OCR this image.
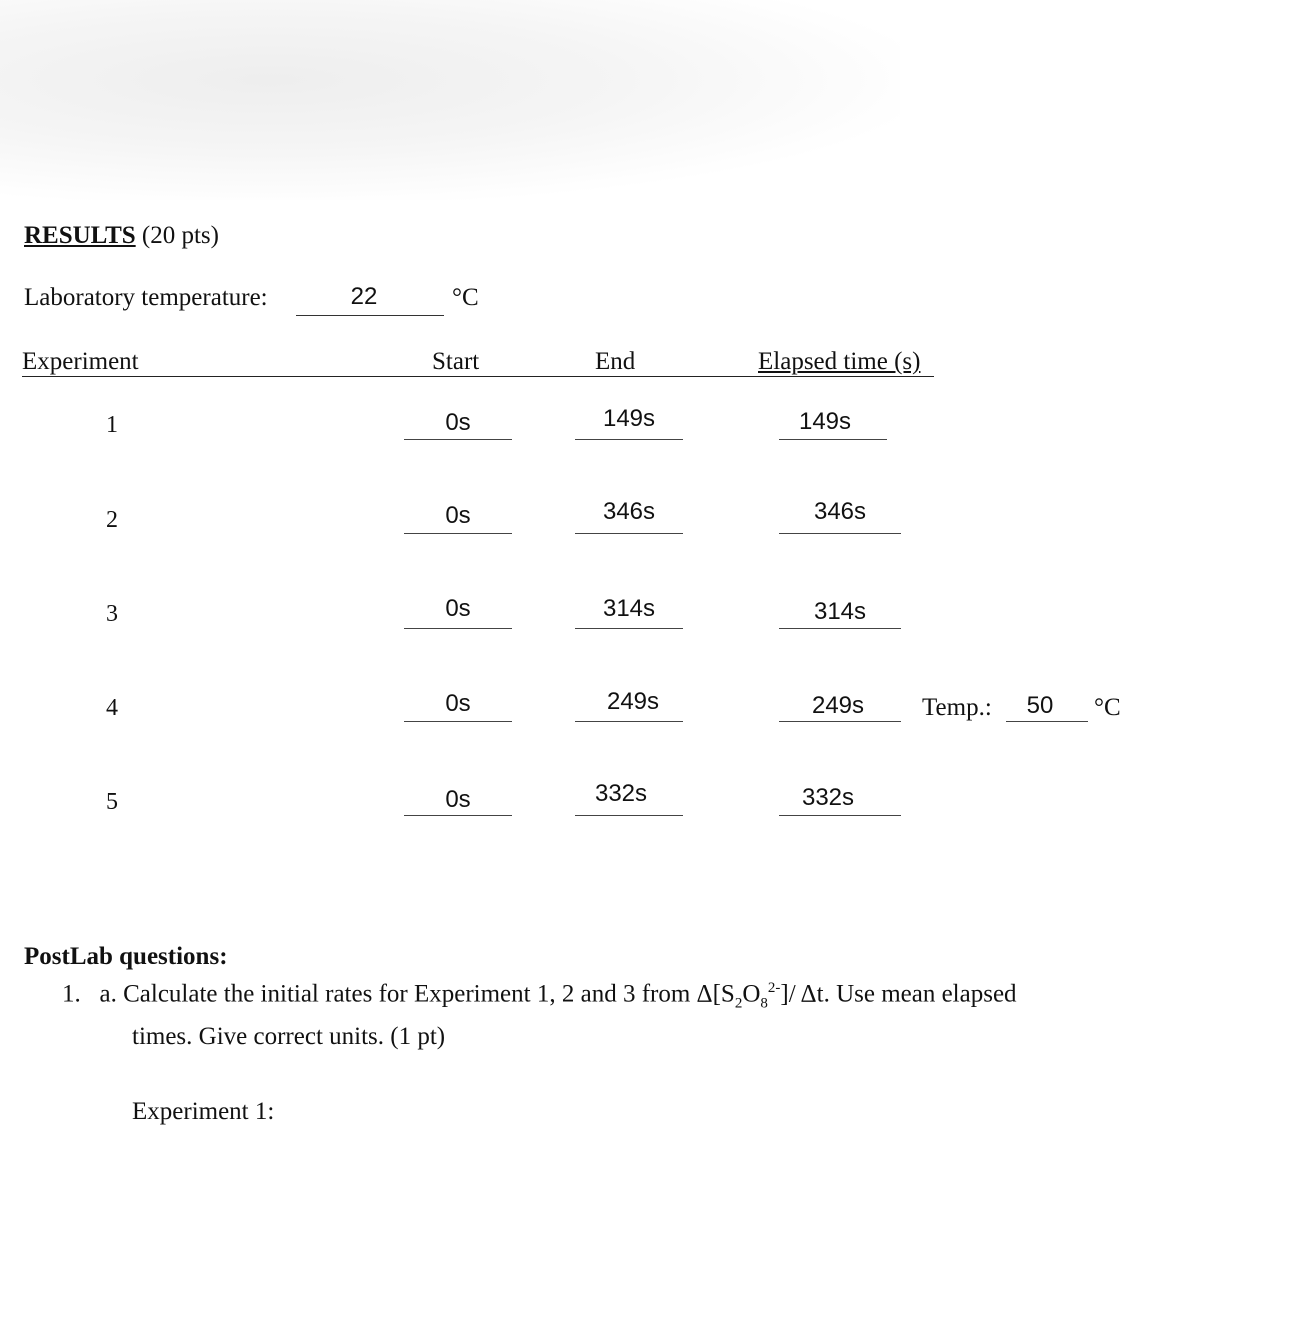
RESULTS (20 pts)
Laboratory temperature:	22	°C
Experiment	Start	End	Elapsed time (s)
1	0s	149s	149s
2	0s	346s	346s
3	0s	314s	314s
4	0s	249s	249s	Temp.:	50	°C
5	0s	332s	332s
PostLab questions:
1. a. Calculate the initial rates for Experiment 1, 2 and 3 from $\Delta[S_2O_8^{2-}]/$ Δt. Use mean elapsed
times. Give correct units. (1 pt)
Experiment 1:
